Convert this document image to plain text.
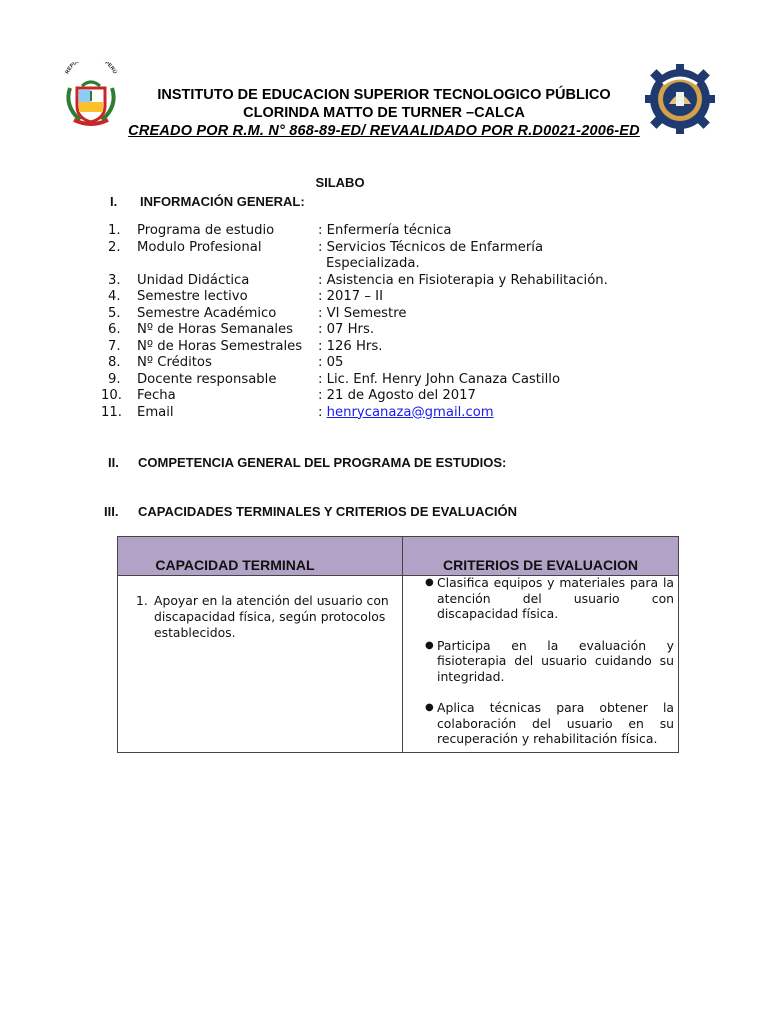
REPÚ PERÚ
INSTITUTO DE EDUCACION SUPERIOR TECNOLOGICO PÚBLICO
CLORINDA MATTO DE TURNER –CALCA
CREADO POR R.M. N° 868-89-ED/ REVAALIDADO POR R.D0021-2006-ED
SILABO
I. INFORMACIÓN GENERAL:
1.	Programa de estudio	: Enfermería técnica
2.	Modulo Profesional	: Servicios Técnicos de Enfarmería
Especializada.
3.	Unidad Didáctica	: Asistencia en Fisioterapia y Rehabilitación.
4.	Semestre lectivo	: 2017 – II
5.	Semestre Académico	: VI Semestre
6.	Nº de Horas Semanales : 07 Hrs.
7.	Nº de Horas Semestrales : 126 Hrs.
8.	Nº Créditos	: 05
9.	Docente responsable	: Lic. Enf. Henry John Canaza Castillo
10.	Fecha	: 21 de Agosto del 2017
11.	Email	: henrycanaza@gmail.com
II. COMPETENCIA GENERAL DEL PROGRAMA DE ESTUDIOS:
III. CAPACIDADES TERMINALES Y CRITERIOS DE EVALUACIÓN
CAPACIDAD TERMINAL	CRITERIOS DE EVALUACION
1. Apoyar en la atención del usuario con discapacidad física, según protocolos establecidos.
● Clasifica equipos y materiales para la atención del usuario con discapacidad física.
● Participa en la evaluación y fisioterapia del usuario cuidando su integridad.
● Aplica técnicas para obtener la colaboración del usuario en su recuperación y rehabilitación física.
